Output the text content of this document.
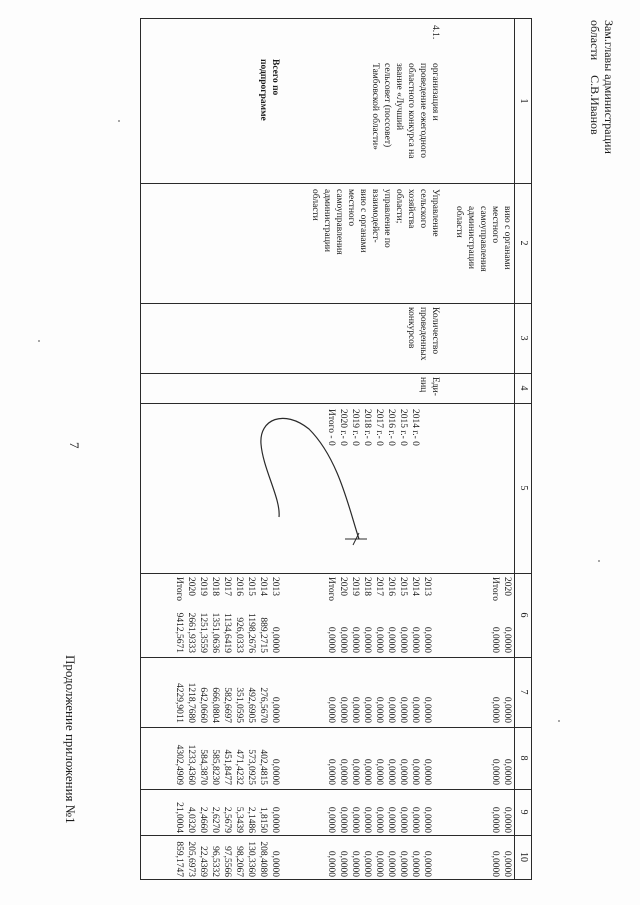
7
Продолжение приложения №1
Зам.главы администрации
области     С.В.Иванов
1
2
3
4
5
6
7
8
9
10
вию с органами
местного
самоуправления
администрации
области
2020
Итого
0,0000
0,0000
0,0000
0,0000
0,0000
0,0000
0,0000
0,0000
0,0000
0,0000
4.1.
организация и
проведение ежегодного
областного конкурса на
звание «Лучший
сельсовет (поссовет)
Тамбовской области»
Управление
сельского
хозяйства
области;
управление по
взаимодейст-
вию с органами
местного
самоуправления
администрации
области
Количество
проведенных
конкурсов
Еди-
ниц
2014 г.- 0
2015 г.- 0
2016 г.- 0
2017 г.- 0
2018 г.- 0
2019 г.- 0
2020 г.- 0
Итого - 0
2013
2014
2015
2016
2017
2018
2019
2020
Итого
0,0000
0,0000
0,0000
0,0000
0,0000
0,0000
0,0000
0,0000
0,0000
0,0000
0,0000
0,0000
0,0000
0,0000
0,0000
0,0000
0,0000
0,0000
0,0000
0,0000
0,0000
0,0000
0,0000
0,0000
0,0000
0,0000
0,0000
0,0000
0,0000
0,0000
0,0000
0,0000
0,0000
0,0000
0,0000
0,0000
0,0000
0,0000
0,0000
0,0000
0,0000
0,0000
0,0000
0,0000
0,0000
Всего по
подпрограмме
2013
2014
2015
2016
2017
2018
2019
2020
Итого
0,0000
889,2715
1198,2676
926,0333
1134,6419
1351,0636
1251,3559
2661,9333
9412,5671
0,0000
276,5670
492,6905
351,0595
582,6697
666,0804
642,0660
1218,7680
4229,9011
0,0000
402,4815
573,0925
471,4232
451,8477
585,8230
584,3870
1233,4360
4302,4909
0,0000
1,8150
2,1486
5,3439
2,5679
2,6270
2,4660
4,0320
21,0004
0,0000
208,4080
130,3360
98,2067
97,5566
96,5332
22,4369
205,6973
859,1747
